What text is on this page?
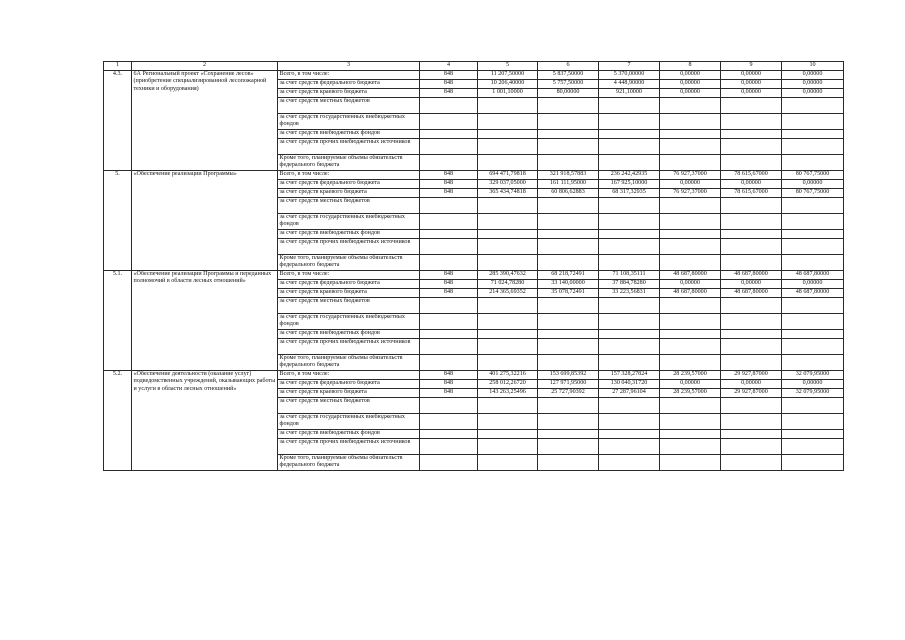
1	2	3	4	5	6	7	8	9	10
4.3.	6А Региональный проект «Сохранение лесов» (приобретение специализированной лесопожарной техники и оборудования)	Всего, в том числе:	848	11 207,50000	5 837,50000	5 370,00000	0,00000	0,00000	0,00000
		за счет средств федерального бюджета	848	10 206,40000	5 757,50000	4 448,90000	0,00000	0,00000	0,00000
		за счет средств краевого бюджета	848	1 001,10000	80,00000	921,10000	0,00000	0,00000	0,00000
		за счет средств местных бюджетов							
		за счет средств государственных внебюджетных фондов							
		за счет средств внебюджетных фондов							
		за счет средств прочих внебюджетных источников							
		Кроме того, планируемые объемы обязательств федерального бюджета							
5.	«Обеспечение реализации Программы»	Всего, в том числе:	848	694 471,79818	321 918,57883	236 242,42935	76 927,37000	78 615,67000	80 767,75000
		за счет средств федерального бюджета	848	329 037,05000	161 111,95000	167 925,10000	0,00000	0,00000	0,00000
		за счет средств краевого бюджета	848	365 434,74818	60 806,62883	68 317,32935	76 927,37000	78 615,67000	80 767,75000
		за счет средств местных бюджетов							
		за счет средств государственных внебюджетных фондов							
		за счет средств внебюджетных фондов							
		за счет средств прочих внебюджетных источников							
		Кроме того, планируемые объемы обязательств федерального бюджета							
5.1.	«Обеспечение реализации Программы и переданных полномочий в области лесных отношений»	Всего, в том числе:	848	285 390,47632	68 218,72491	71 108,35111	48 687,80000	48 687,80000	48 687,80000
		за счет средств федерального бюджета	848	71 024,78280	33 140,00000	37 884,78280	0,00000	0,00000	0,00000
		за счет средств краевого бюджета	848	214 365,69352	35 078,72491	33 223,56831	48 687,80000	48 687,80000	48 687,80000
		за счет средств местных бюджетов							
		за счет средств государственных внебюджетных фондов							
		за счет средств внебюджетных фондов							
		за счет средств прочих внебюджетных источников							
		Кроме того, планируемые объемы обязательств федерального бюджета							
5.2.	«Обеспечение деятельности (оказание услуг) подведомственных учреждений, оказывающих работы и услуги в области лесных отношений»	Всего, в том числе:	848	401 275,32216	153 699,85392	157 328,27824	28 239,57000	29 927,87000	32 079,95000
		за счет средств федерального бюджета	848	258 012,26720	127 971,95000	130 040,31720	0,00000	0,00000	0,00000
		за счет средств краевого бюджета	848	143 263,25496	25 727,90392	27 287,96104	28 239,57000	29 927,87000	32 079,95000
		за счет средств местных бюджетов							
		за счет средств государственных внебюджетных фондов							
		за счет средств внебюджетных фондов							
		за счет средств прочих внебюджетных источников							
		Кроме того, планируемые объемы обязательств федерального бюджета							
